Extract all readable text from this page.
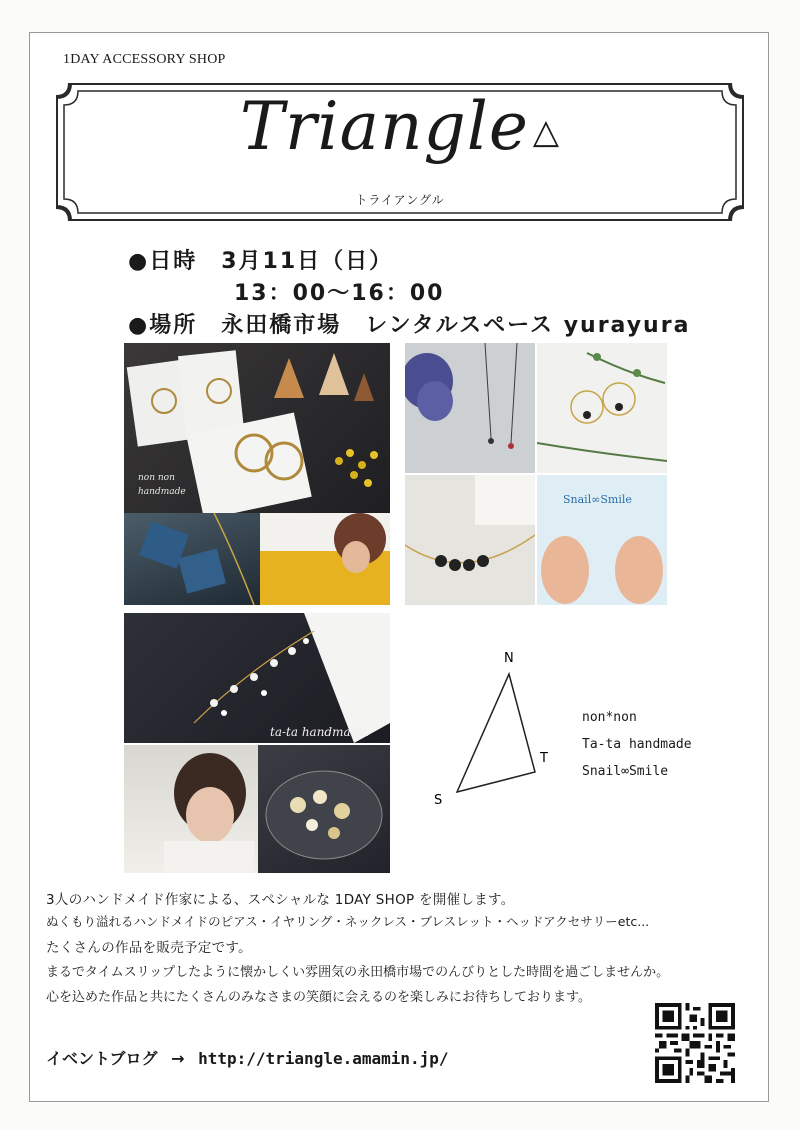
1DAY ACCESSORY SHOP
Triangle △
トライアングル
●日時　 3月11日（日）
13：00～16：00
●場所　 永田橋市場　レンタルスペース yurayura
non non
handmade
Snail∞Smile
ta-ta handmade.
N
T
S
non*non
Ta-ta handmade
Snail∞Smile
3人のハンドメイド作家による、スペシャルな 1DAY SHOP を開催します。
ぬくもり溢れるハンドメイドのピアス・イヤリング・ネックレス・ブレスレット・ヘッドアクセサリーetc...
たくさんの作品を販売予定です。
まるでタイムスリップしたように懐かしくい雰囲気の永田橋市場でのんびりとした時間を過ごしませんか。
心を込めた作品と共にたくさんのみなさまの笑顔に会えるのを楽しみにお待ちしております。
イベントブログ → http://triangle.amamin.jp/
